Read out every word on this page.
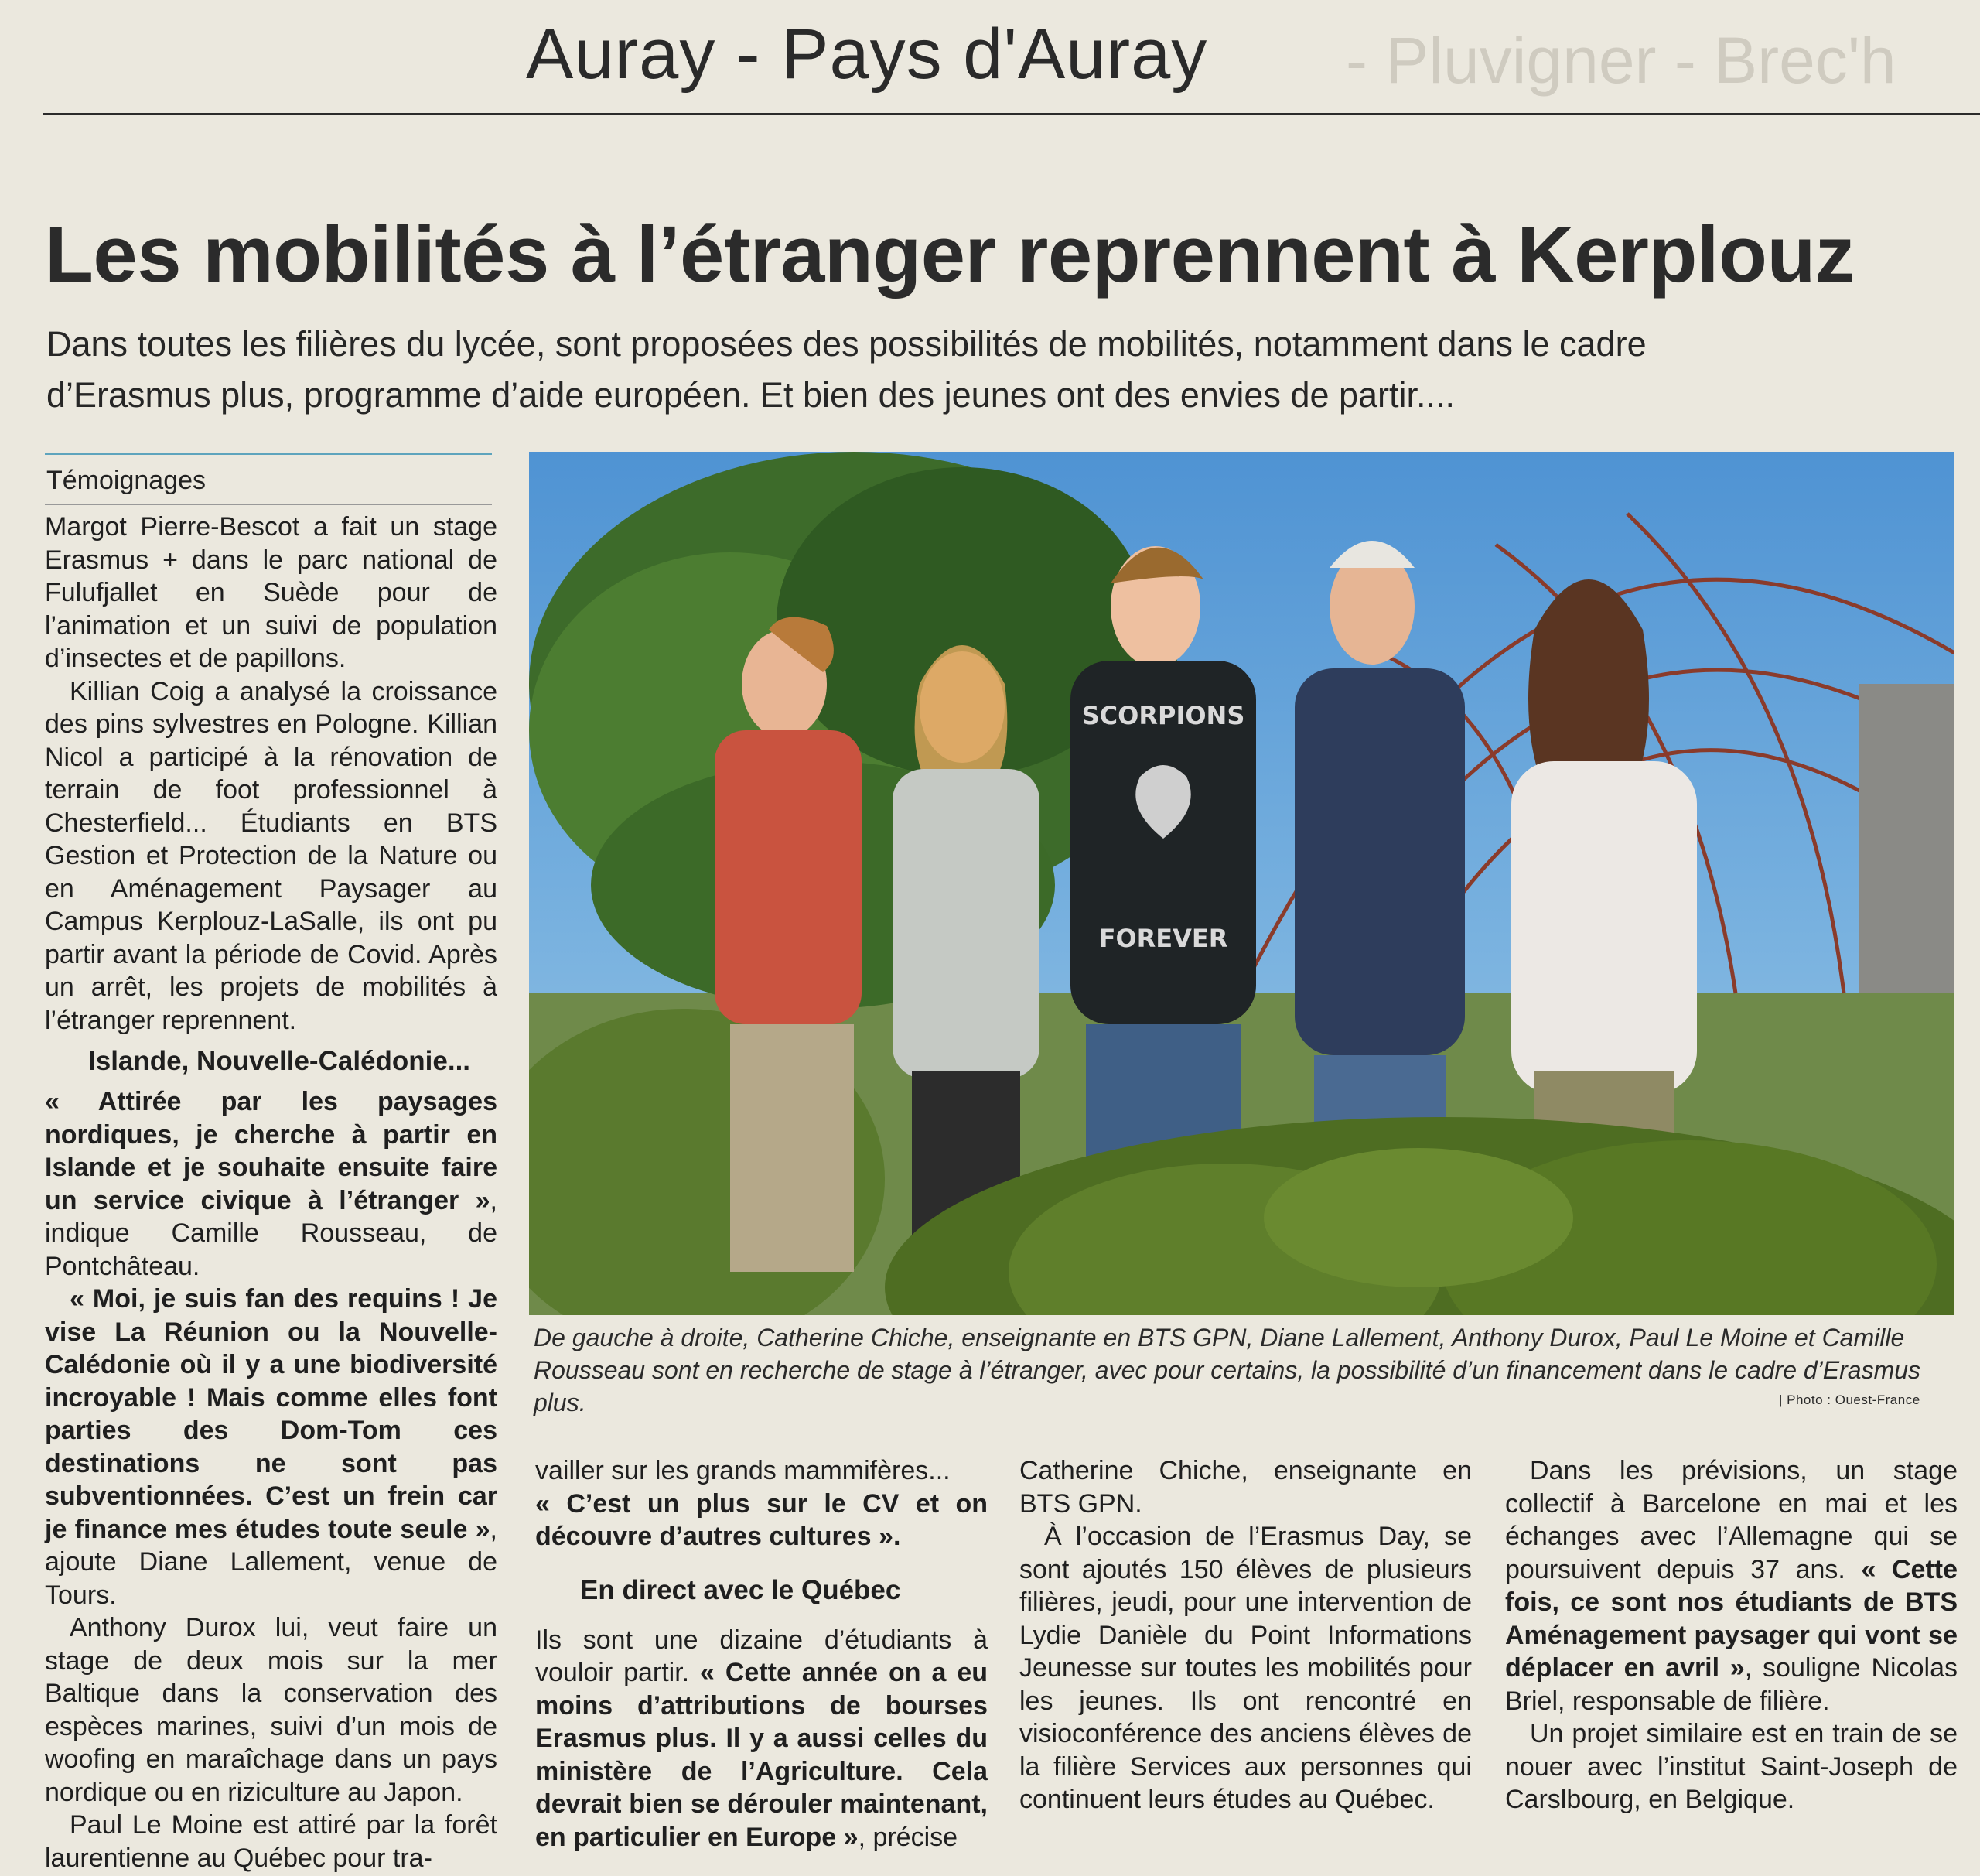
Auray - Pays d'Auray - Pluvigner - Brec'h
Les mobilités à l’étranger reprennent à Kerplouz
Dans toutes les filières du lycée, sont proposées des possibilités de mobilités, notamment dans le cadre d’Erasmus plus, programme d’aide européen. Et bien des jeunes ont des envies de partir....
Témoignages

Margot Pierre-Bescot a fait un stage Erasmus + dans le parc national de Fulufjallet en Suède pour de l’animation et un suivi de population d’insectes et de papillons.

Killian Coig a analysé la croissance des pins sylvestres en Pologne. Killian Nicol a participé à la rénovation de terrain de foot professionnel à Chesterfield... Étudiants en BTS Gestion et Protection de la Nature ou en Aménagement Paysager au Campus Kerplouz-LaSalle, ils ont pu partir avant la période de Covid. Après un arrêt, les projets de mobilités à l’étranger reprennent.

Islande, Nouvelle-Calédonie...

« Attirée par les paysages nordiques, je cherche à partir en Islande et je souhaite ensuite faire un service civique à l’étranger », indique Camille Rousseau, de Pontchâteau.

« Moi, je suis fan des requins ! Je vise La Réunion ou la Nouvelle-Calédonie où il y a une biodiversité incroyable ! Mais comme elles font parties des Dom-Tom ces destinations ne sont pas subventionnées. C’est un frein car je finance mes études toute seule », ajoute Diane Lallement, venue de Tours.

Anthony Durox lui, veut faire un stage de deux mois sur la mer Baltique dans la conservation des espèces marines, suivi d’un mois de woofing en maraîchage dans un pays nordique ou en riziculture au Japon.

Paul Le Moine est attiré par la forêt laurentienne au Québec pour tra-

SCORPIONS
FOREVER
De gauche à droite, Catherine Chiche, enseignante en BTS GPN, Diane Lallement, Anthony Durox, Paul Le Moine et Camille Rousseau sont en recherche de stage à l’étranger, avec pour certains, la possibilité d’un financement dans le cadre d’Erasmus plus.	| Photo : Ouest-France

vailler sur les grands mammifères...
« C’est un plus sur le CV et on découvre d’autres cultures ».

En direct avec le Québec

Ils sont une dizaine d’étudiants à vouloir partir. « Cette année on a eu moins d’attributions de bourses Erasmus plus. Il y a aussi celles du ministère de l’Agriculture. Cela devrait bien se dérouler maintenant, en particulier en Europe », précise

Catherine Chiche, enseignante en BTS GPN.

À l’occasion de l’Erasmus Day, se sont ajoutés 150 élèves de plusieurs filières, jeudi, pour une intervention de Lydie Danièle du Point Informations Jeunesse sur toutes les mobilités pour les jeunes. Ils ont rencontré en visioconférence des anciens élèves de la filière Services aux personnes qui continuent leurs études au Québec.

Dans les prévisions, un stage collectif à Barcelone en mai et les échanges avec l’Allemagne qui se poursuivent depuis 37 ans. « Cette fois, ce sont nos étudiants de BTS Aménagement paysager qui vont se déplacer en avril », souligne Nicolas Briel, responsable de filière.

Un projet similaire est en train de se nouer avec l’institut Saint-Joseph de Carslbourg, en Belgique.
